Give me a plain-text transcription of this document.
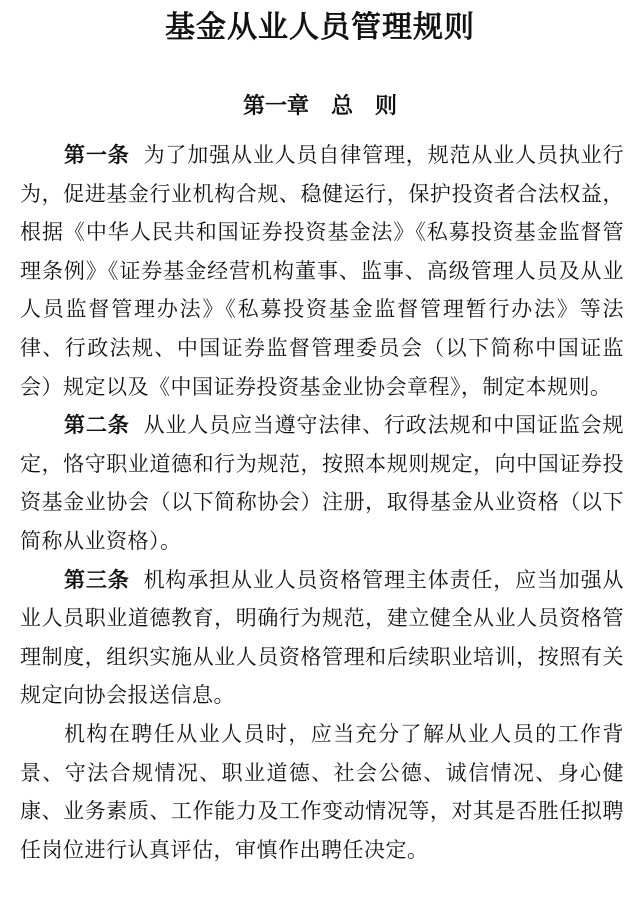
基金从业人员管理规则
第一章　总　则

第一条 为了加强从业人员自律管理，规范从业人员执业行为，促进基金行业机构合规、稳健运行，保护投资者合法权益，根据《中华人民共和国证券投资基金法》《私募投资基金监督管理条例》《证券基金经营机构董事、监事、高级管理人员及从业人员监督管理办法》《私募投资基金监督管理暂行办法》等法律、行政法规、中国证券监督管理委员会（以下简称中国证监会）规定以及《中国证券投资基金业协会章程》，制定本规则。

第二条 从业人员应当遵守法律、行政法规和中国证监会规定，恪守职业道德和行为规范，按照本规则规定，向中国证券投资基金业协会（以下简称协会）注册，取得基金从业资格（以下简称从业资格）。

第三条 机构承担从业人员资格管理主体责任，应当加强从业人员职业道德教育，明确行为规范，建立健全从业人员资格管理制度，组织实施从业人员资格管理和后续职业培训，按照有关规定向协会报送信息。

机构在聘任从业人员时，应当充分了解从业人员的工作背景、守法合规情况、职业道德、社会公德、诚信情况、身心健康、业务素质、工作能力及工作变动情况等，对其是否胜任拟聘任岗位进行认真评估，审慎作出聘任决定。
